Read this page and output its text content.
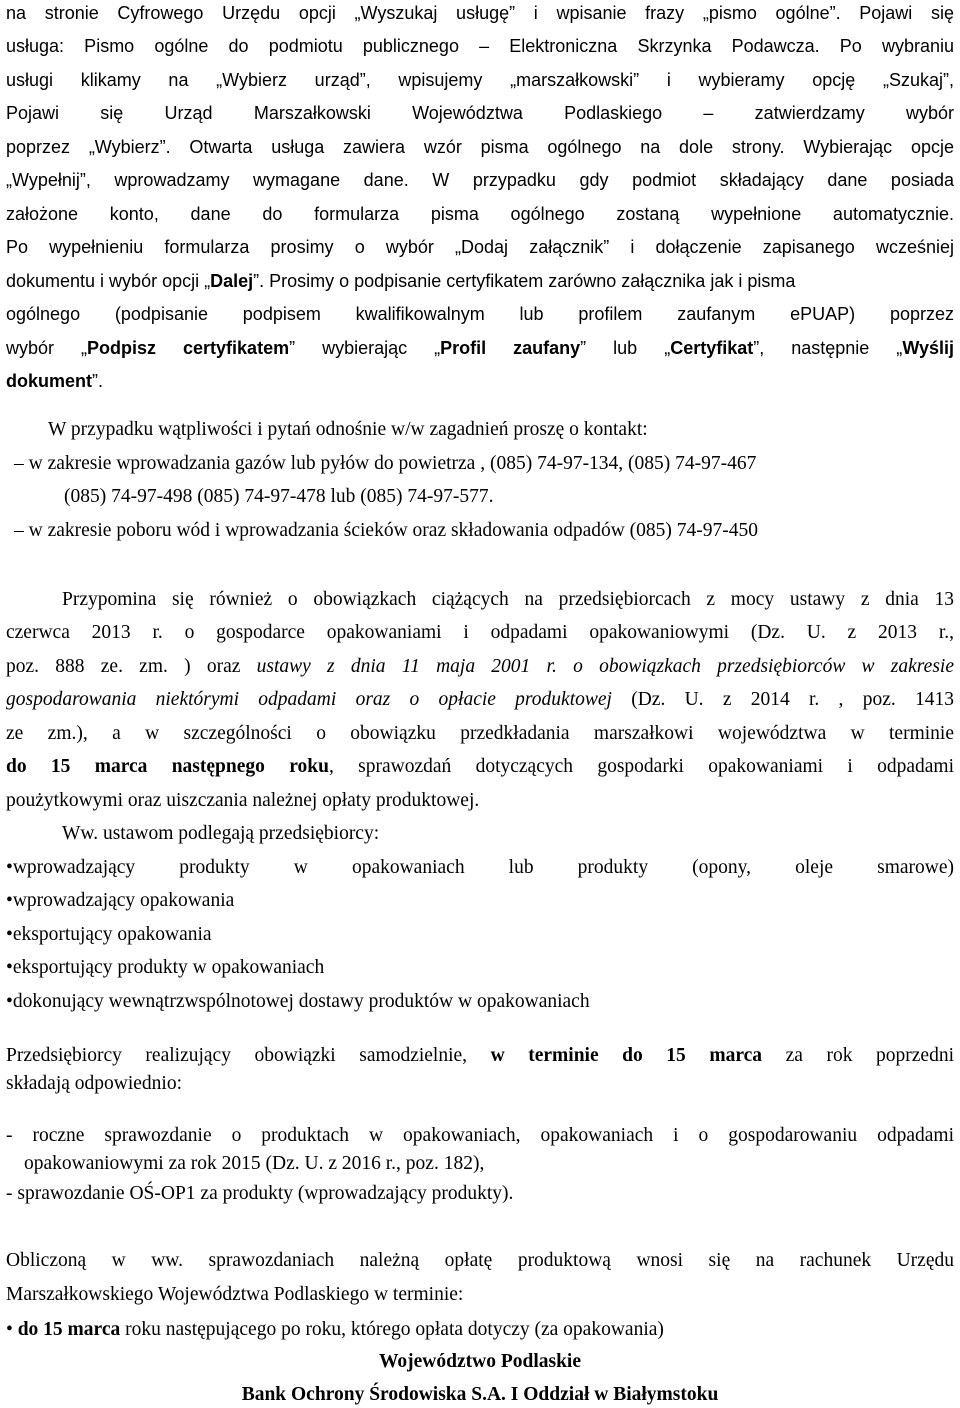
na stronie Cyfrowego Urzędu opcji „Wyszukaj usługę” i wpisanie frazy „pismo ogólne”. Pojawi się
usługa: Pismo ogólne do podmiotu publicznego – Elektroniczna Skrzynka Podawcza. Po wybraniu
usługi klikamy na „Wybierz urząd”, wpisujemy „marszałkowski” i wybieramy opcję „Szukaj”,
Pojawi się Urząd Marszałkowski Województwa Podlaskiego – zatwierdzamy wybór
poprzez „Wybierz”. Otwarta usługa zawiera wzór pisma ogólnego na dole strony. Wybierając opcje
„Wypełnij”, wprowadzamy wymagane dane. W przypadku gdy podmiot składający dane posiada
założone konto, dane do formularza pisma ogólnego zostaną wypełnione automatycznie.
Po wypełnieniu formularza prosimy o wybór „Dodaj załącznik” i dołączenie zapisanego wcześniej
dokumentu i wybór opcji „Dalej”. Prosimy o podpisanie certyfikatem zarówno załącznika jak i pisma
ogólnego (podpisanie podpisem kwalifikowalnym lub profilem zaufanym ePUAP) poprzez
wybór „Podpisz certyfikatem” wybierając „Profil zaufany” lub „Certyfikat”, następnie „Wyślij
dokument”.
W przypadku wątpliwości i pytań odnośnie w/w zagadnień proszę o kontakt:
– w zakresie wprowadzania gazów lub pyłów do powietrza , (085) 74-97-134, (085) 74-97-467
(085) 74-97-498 (085) 74-97-478 lub (085) 74-97-577.
– w zakresie poboru wód i wprowadzania ścieków oraz składowania odpadów (085) 74-97-450
Przypomina się również o obowiązkach ciążących na przedsiębiorcach z mocy ustawy z dnia 13
czerwca 2013 r. o gospodarce opakowaniami i odpadami opakowaniowymi (Dz. U. z 2013 r.,
poz. 888 ze. zm. ) oraz ustawy z dnia 11 maja 2001 r. o obowiązkach przedsiębiorców w zakresie
gospodarowania niektórymi odpadami oraz o opłacie produktowej (Dz. U. z 2014 r. , poz. 1413
ze zm.), a w szczególności o obowiązku przedkładania marszałkowi województwa w terminie
do 15 marca następnego roku, sprawozdań dotyczących gospodarki opakowaniami i odpadami
poużytkowymi oraz uiszczania należnej opłaty produktowej.
Ww. ustawom podlegają przedsiębiorcy:
•wprowadzający produkty w opakowaniach lub produkty (opony, oleje smarowe)
•wprowadzający opakowania
•eksportujący opakowania
•eksportujący produkty w opakowaniach
•dokonujący wewnątrzwspólnotowej dostawy produktów w opakowaniach
Przedsiębiorcy realizujący obowiązki samodzielnie, w terminie do 15 marca za rok poprzedni
składają odpowiednio:
- roczne sprawozdanie o produktach w opakowaniach, opakowaniach i o gospodarowaniu odpadami
opakowaniowymi za rok 2015 (Dz. U. z 2016 r., poz. 182),
- sprawozdanie OŚ-OP1 za produkty (wprowadzający produkty).
Obliczoną w ww. sprawozdaniach należną opłatę produktową wnosi się na rachunek Urzędu
Marszałkowskiego Województwa Podlaskiego w terminie:
• do 15 marca roku następującego po roku, którego opłata dotyczy (za opakowania)
Województwo Podlaskie
Bank Ochrony Środowiska S.A. I Oddział w Białymstoku
